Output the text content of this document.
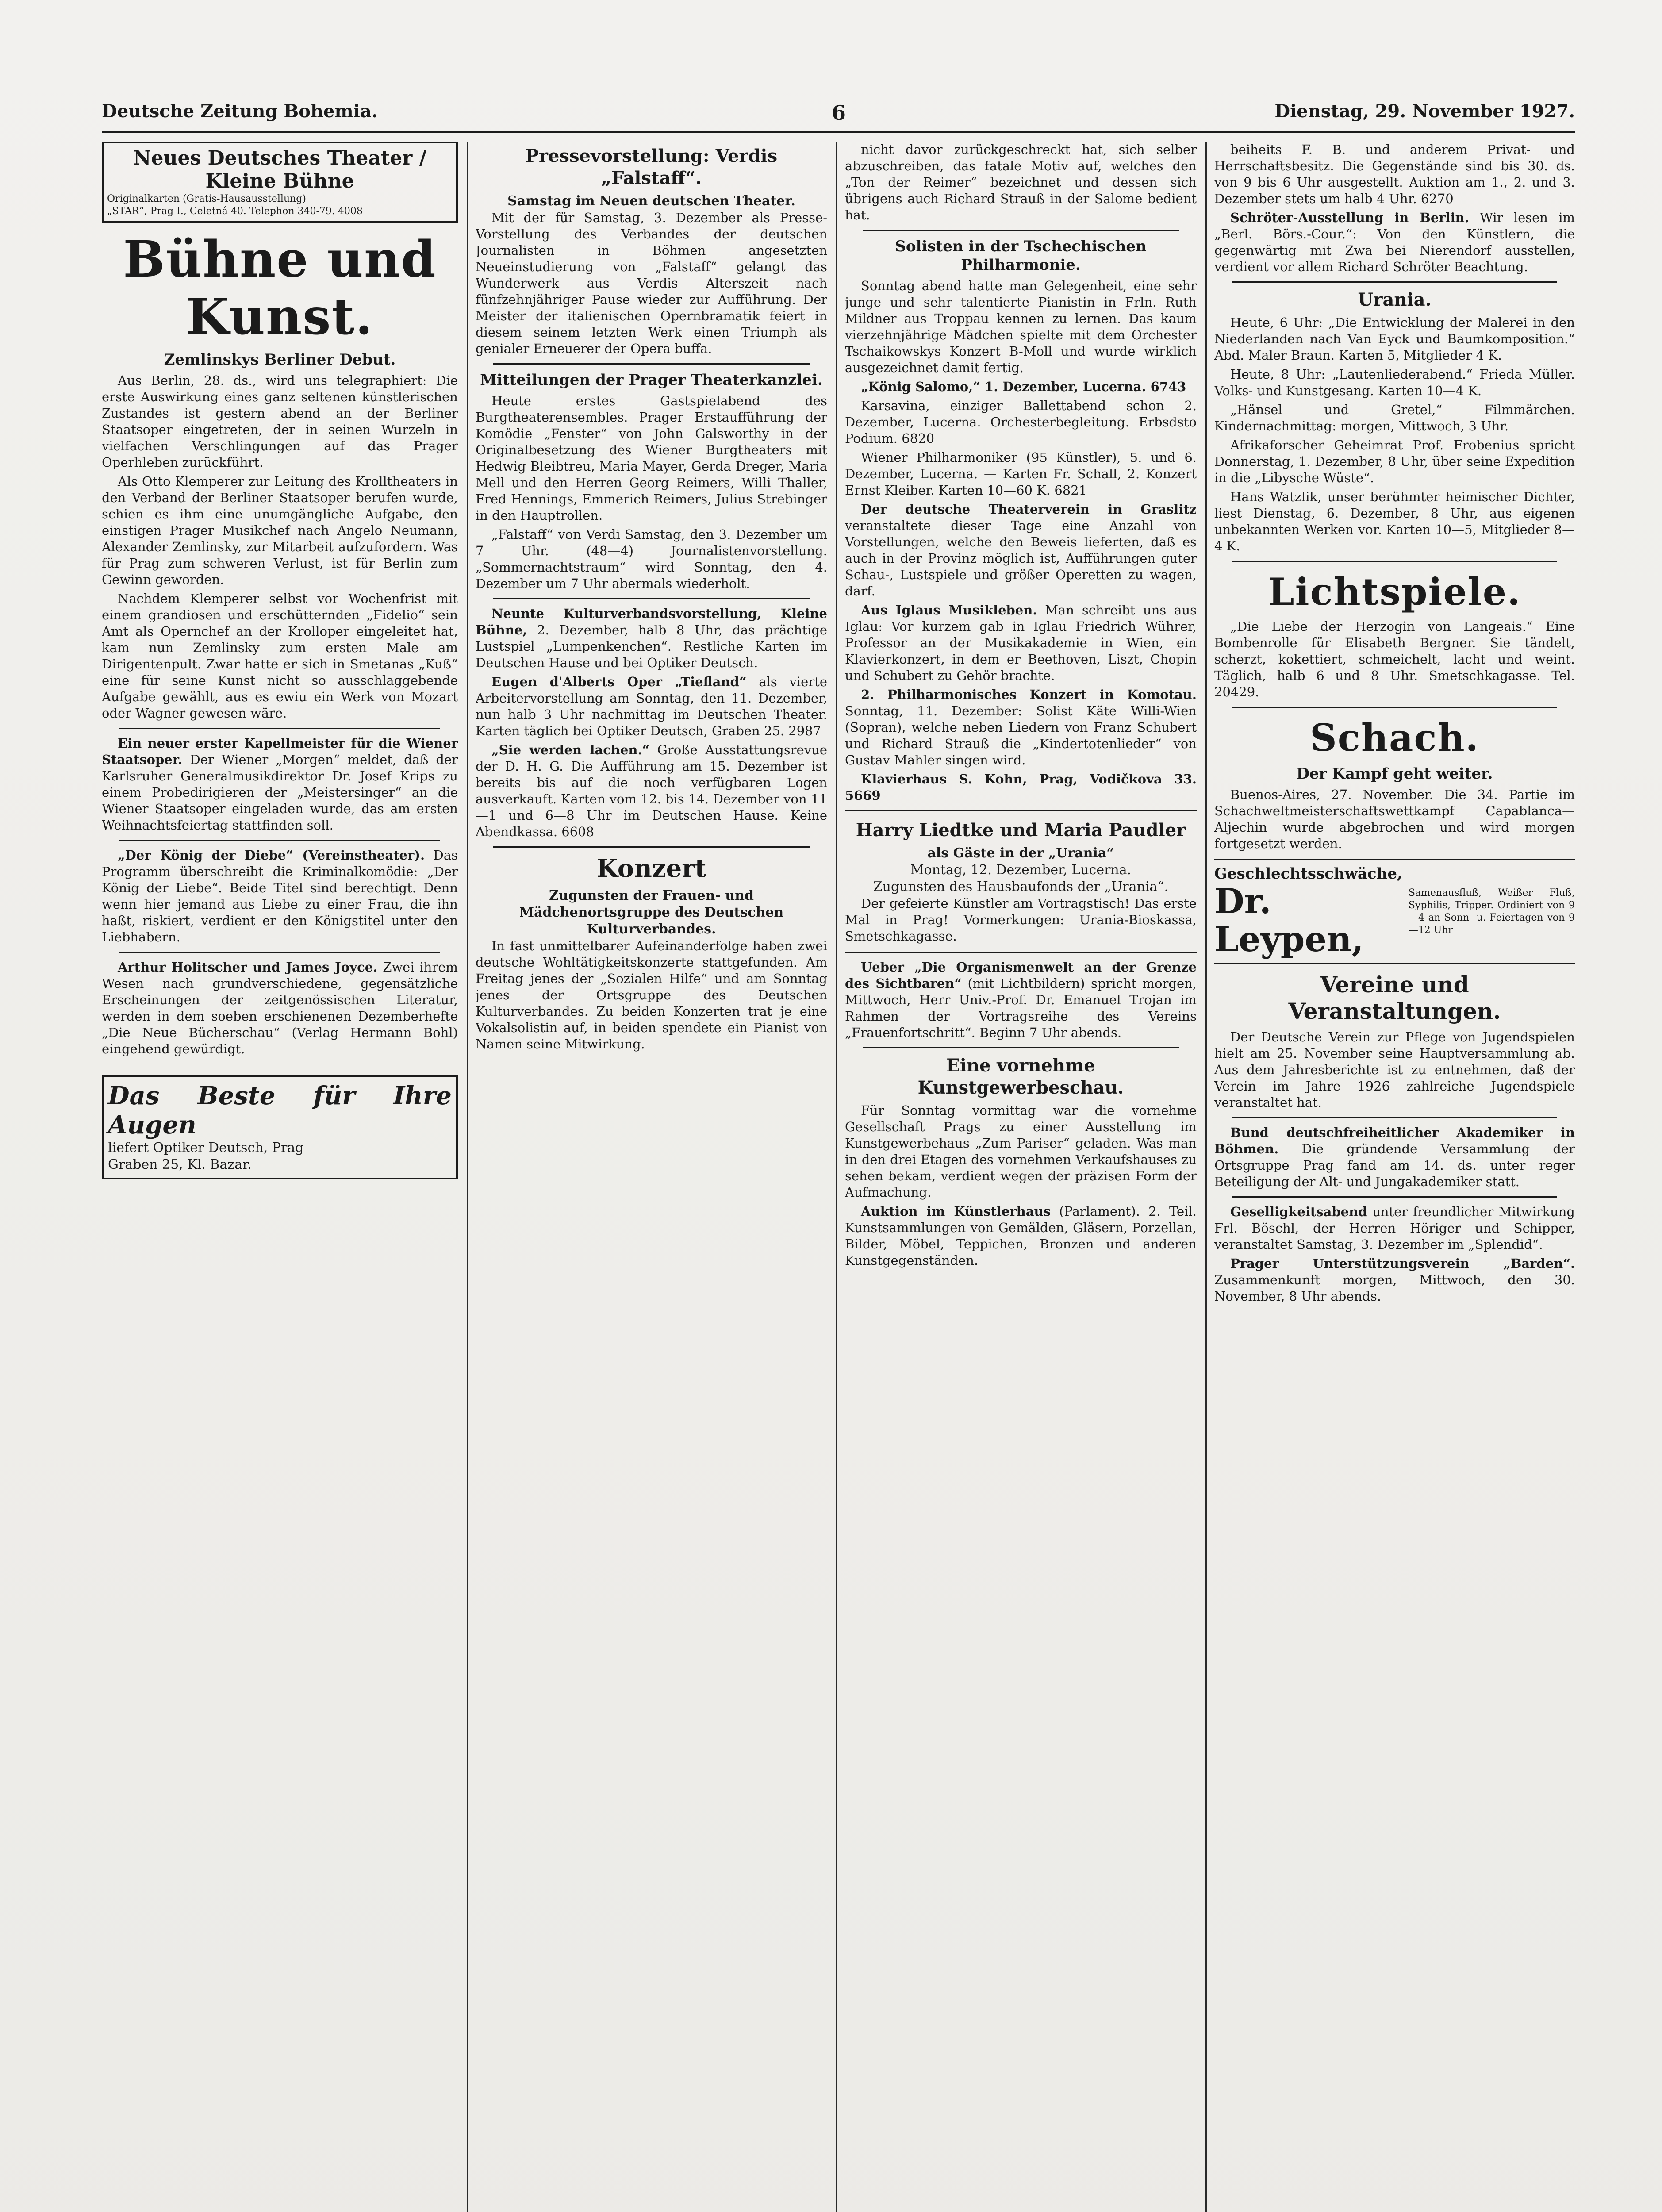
Deutsche Zeitung Bohemia.	6	Dienstag, 29. November 1927.
Neues Deutsches Theater / Kleine Bühne
Originalkarten (Gratis-Hausausstellung)
„STAR“, Prag I., Celetná 40. Telephon 340-79. 4008
Bühne und Kunst.
Zemlinskys Berliner Debut.

Aus Berlin, 28. ds., wird uns telegraphiert: Die erste Auswirkung eines ganz seltenen künstlerischen Zustandes ist gestern abend an der Berliner Staatsoper eingetreten, der in seinen Wurzeln in vielfachen Verschlingungen auf das Prager Operhleben zurückführt.

Als Otto Klemperer zur Leitung des Krolltheaters in den Verband der Berliner Staatsoper berufen wurde, schien es ihm eine unumgängliche Aufgabe, den einstigen Prager Musikchef nach Angelo Neumann, Alexander Zemlinsky, zur Mitarbeit aufzufordern. Was für Prag zum schweren Verlust, ist für Berlin zum Gewinn geworden.

Nachdem Klemperer selbst vor Wochenfrist mit einem grandiosen und erschütternden „Fidelio“ sein Amt als Opernchef an der Krolloper eingeleitet hat, kam nun Zemlinsky zum ersten Male am Dirigentenpult. Zwar hatte er sich in Smetanas „Kuß“ eine für seine Kunst nicht so ausschlaggebende Aufgabe gewählt, aus es ewiu ein Werk von Mozart oder Wagner gewesen wäre.

Ein neuer erster Kapellmeister für die Wiener Staatsoper. Der Wiener „Morgen“ meldet, daß der Karlsruher Generalmusikdirektor Dr. Josef Krips zu einem Probedirigieren der „Meistersinger“ an die Wiener Staatsoper eingeladen wurde, das am ersten Weihnachtsfeiertag stattfinden soll.

„Der König der Diebe“ (Vereinstheater). Das Programm überschreibt die Kriminalkomödie: „Der König der Liebe“. Beide Titel sind berechtigt. Denn wenn hier jemand aus Liebe zu einer Frau, die ihn haßt, riskiert, verdient er den Königstitel unter den Liebhabern.

Arthur Holitscher und James Joyce. Zwei ihrem Wesen nach grundverschiedene, gegensätzliche Erscheinungen der zeitgenössischen Literatur, werden in dem soeben erschienenen Dezemberhefte „Die Neue Bücherschau“ (Verlag Hermann Bohl) eingehend gewürdigt.

Das Beste für Ihre Augen
liefert Optiker Deutsch, Prag
Graben 25, Kl. Bazar.
Pressevorstellung: Verdis „Falstaff“.
Samstag im Neuen deutschen Theater.

Mit der für Samstag, 3. Dezember als Presse-Vorstellung des Verbandes der deutschen Journalisten in Böhmen angesetzten Neueinstudierung von „Falstaff“ gelangt das Wunderwerk aus Verdis Alterszeit nach fünfzehnjähriger Pause wieder zur Aufführung. Der Meister der italienischen Opernbramatik feiert in diesem seinem letzten Werk einen Triumph als genialer Erneuerer der Opera buffa.

Mitteilungen der Prager Theaterkanzlei.

Heute erstes Gastspielabend des Burgtheaterensembles. Prager Erstaufführung der Komödie „Fenster“ von John Galsworthy in der Originalbesetzung des Wiener Burgtheaters mit Hedwig Bleibtreu, Maria Mayer, Gerda Dreger, Maria Mell und den Herren Georg Reimers, Willi Thaller, Fred Hennings, Emmerich Reimers, Julius Strebinger in den Hauptrollen.

„Falstaff“ von Verdi Samstag, den 3. Dezember um 7 Uhr. (48—4) Journalistenvorstellung. „Sommernachtstraum“ wird Sonntag, den 4. Dezember um 7 Uhr abermals wiederholt.

Neunte Kulturverbandsvorstellung, Kleine Bühne, 2. Dezember, halb 8 Uhr, das prächtige Lustspiel „Lumpenkenchen“. Restliche Karten im Deutschen Hause und bei Optiker Deutsch.

Eugen d'Alberts Oper „Tiefland“ als vierte Arbeitervorstellung am Sonntag, den 11. Dezember, nun halb 3 Uhr nachmittag im Deutschen Theater. Karten täglich bei Optiker Deutsch, Graben 25. 2987

„Sie werden lachen.“ Große Ausstattungsrevue der D. H. G. Die Aufführung am 15. Dezember ist bereits bis auf die noch verfügbaren Logen ausverkauft. Karten vom 12. bis 14. Dezember von 11—1 und 6—8 Uhr im Deutschen Hause. Keine Abendkassa. 6608

Konzert
Zugunsten der Frauen- und Mädchenortsgruppe des Deutschen Kulturverbandes.

In fast unmittelbarer Aufeinanderfolge haben zwei deutsche Wohltätigkeitskonzerte stattgefunden. Am Freitag jenes der „Sozialen Hilfe“ und am Sonntag jenes der Ortsgruppe des Deutschen Kulturverbandes. Zu beiden Konzerten trat je eine Vokalsolistin auf, in beiden spendete ein Pianist von Namen seine Mitwirkung.

nicht davor zurückgeschreckt hat, sich selber abzuschreiben, das fatale Motiv auf, welches den „Ton der Reimer“ bezeichnet und dessen sich übrigens auch Richard Strauß in der Salome bedient hat.

Solisten in der Tschechischen Philharmonie.

Sonntag abend hatte man Gelegenheit, eine sehr junge und sehr talentierte Pianistin in Frln. Ruth Mildner aus Troppau kennen zu lernen. Das kaum vierzehnjährige Mädchen spielte mit dem Orchester Tschaikowskys Konzert B-Moll und wurde wirklich ausgezeichnet damit fertig.

„König Salomo,“ 1. Dezember, Lucerna. 6743

Karsavina, einziger Ballettabend schon 2. Dezember, Lucerna. Orchesterbegleitung. Erbsdsto Podium. 6820

Wiener Philharmoniker (95 Künstler), 5. und 6. Dezember, Lucerna. — Karten Fr. Schall, 2. Konzert Ernst Kleiber. Karten 10—60 K. 6821

Der deutsche Theaterverein in Graslitz veranstaltete dieser Tage eine Anzahl von Vorstellungen, welche den Beweis lieferten, daß es auch in der Provinz möglich ist, Aufführungen guter Schau-, Lustspiele und größer Operetten zu wagen, darf.

Aus Iglaus Musikleben. Man schreibt uns aus Iglau: Vor kurzem gab in Iglau Friedrich Wührer, Professor an der Musikakademie in Wien, ein Klavierkonzert, in dem er Beethoven, Liszt, Chopin und Schubert zu Gehör brachte.

2. Philharmonisches Konzert in Komotau. Sonntag, 11. Dezember: Solist Käte Willi-Wien (Sopran), welche neben Liedern von Franz Schubert und Richard Strauß die „Kindertotenlieder“ von Gustav Mahler singen wird.

Klavierhaus S. Kohn, Prag, Vodičkova 33. 5669

Harry Liedtke und Maria Paudler
als Gäste in der „Urania“
Montag, 12. Dezember, Lucerna.
Zugunsten des Hausbaufonds der „Urania“.

Der gefeierte Künstler am Vortragstisch! Das erste Mal in Prag! Vormerkungen: Urania-Bioskassa, Smetschkagasse.

Ueber „Die Organismenwelt an der Grenze des Sichtbaren“ (mit Lichtbildern) spricht morgen, Mittwoch, Herr Univ.-Prof. Dr. Emanuel Trojan im Rahmen der Vortragsreihe des Vereins „Frauenfortschritt“. Beginn 7 Uhr abends.

Eine vornehme Kunstgewerbeschau.

Für Sonntag vormittag war die vornehme Gesellschaft Prags zu einer Ausstellung im Kunstgewerbehaus „Zum Pariser“ geladen. Was man in den drei Etagen des vornehmen Verkaufshauses zu sehen bekam, verdient wegen der präzisen Form der Aufmachung.

Auktion im Künstlerhaus (Parlament). 2. Teil. Kunstsammlungen von Gemälden, Gläsern, Porzellan, Bilder, Möbel, Teppichen, Bronzen und anderen Kunstgegenständen.

beiheits F. B. und anderem Privat- und Herrschaftsbesitz. Die Gegenstände sind bis 30. ds. von 9 bis 6 Uhr ausgestellt. Auktion am 1., 2. und 3. Dezember stets um halb 4 Uhr. 6270

Schröter-Ausstellung in Berlin. Wir lesen im „Berl. Börs.-Cour.“: Von den Künstlern, die gegenwärtig mit Zwa bei Nierendorf ausstellen, verdient vor allem Richard Schröter Beachtung.

Urania.

Heute, 6 Uhr: „Die Entwicklung der Malerei in den Niederlanden nach Van Eyck und Baumkomposition.“ Abd. Maler Braun. Karten 5, Mitglieder 4 K.

Heute, 8 Uhr: „Lautenliederabend.“ Frieda Müller. Volks- und Kunstgesang. Karten 10—4 K.

„Hänsel und Gretel,“ Filmmärchen. Kindernachmittag: morgen, Mittwoch, 3 Uhr.

Afrikaforscher Geheimrat Prof. Frobenius spricht Donnerstag, 1. Dezember, 8 Uhr, über seine Expedition in die „Libysche Wüste“.

Hans Watzlik, unser berühmter heimischer Dichter, liest Dienstag, 6. Dezember, 8 Uhr, aus eigenen unbekannten Werken vor. Karten 10—5, Mitglieder 8—4 K.

Lichtspiele.

„Die Liebe der Herzogin von Langeais.“ Eine Bombenrolle für Elisabeth Bergner. Sie tändelt, scherzt, kokettiert, schmeichelt, lacht und weint. Täglich, halb 6 und 8 Uhr. Smetschkagasse. Tel. 20429.

Schach.
Der Kampf geht weiter.

Buenos-Aires, 27. November. Die 34. Partie im Schachweltmeisterschaftswettkampf Capablanca—Aljechin wurde abgebrochen und wird morgen fortgesetzt werden.

Geschlechtsschwäche,
Dr. Leypen,
Samenausfluß, Weißer Fluß, Syphilis, Tripper. Ordiniert von 9—4 an Sonn- u. Feiertagen von 9—12 Uhr
Vereine und Veranstaltungen.

Der Deutsche Verein zur Pflege von Jugendspielen hielt am 25. November seine Hauptversammlung ab. Aus dem Jahresberichte ist zu entnehmen, daß der Verein im Jahre 1926 zahlreiche Jugendspiele veranstaltet hat.

Bund deutschfreiheitlicher Akademiker in Böhmen. Die gründende Versammlung der Ortsgruppe Prag fand am 14. ds. unter reger Beteiligung der Alt- und Jungakademiker statt.

Geselligkeitsabend unter freundlicher Mitwirkung Frl. Böschl, der Herren Höriger und Schipper, veranstaltet Samstag, 3. Dezember im „Splendid“.

Prager Unterstützungsverein „Barden“. Zusammenkunft morgen, Mittwoch, den 30. November, 8 Uhr abends.
